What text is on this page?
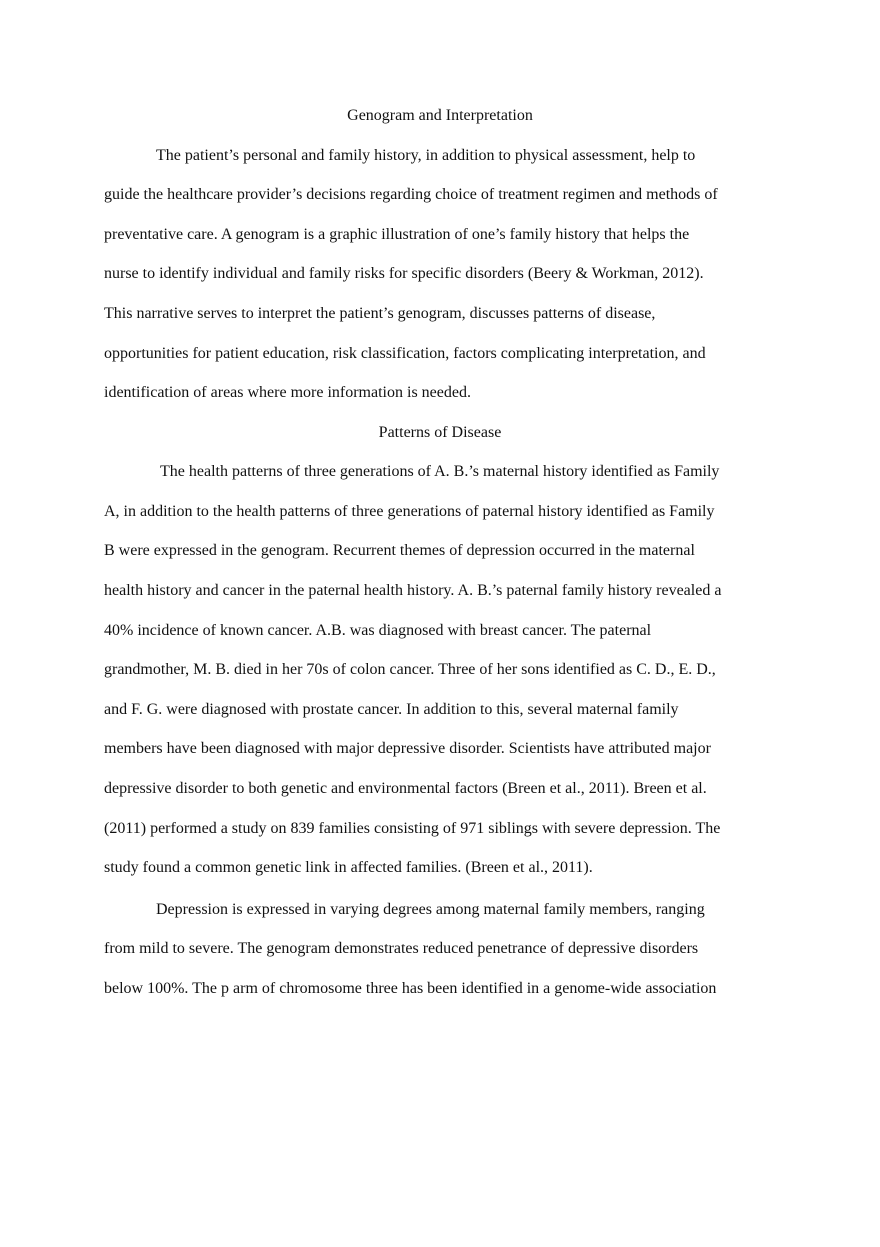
Genogram and Interpretation
The patient’s personal and family history, in addition to physical assessment, help to
guide the healthcare provider’s decisions regarding choice of treatment regimen and methods of
preventative care. A genogram is a graphic illustration of one’s family history that helps the
nurse to identify individual and family risks for specific disorders (Beery & Workman, 2012).
This narrative serves to interpret the patient’s genogram, discusses patterns of disease,
opportunities for patient education, risk classification, factors complicating interpretation, and
identification of areas where more information is needed.
Patterns of Disease
The health patterns of three generations of A. B.’s maternal history identified as Family
A, in addition to the health patterns of three generations of paternal history identified as Family
B were expressed in the genogram. Recurrent themes of depression occurred in the maternal
health history and cancer in the paternal health history. A. B.’s paternal family history revealed a
40% incidence of known cancer. A.B. was diagnosed with breast cancer. The paternal
grandmother, M. B. died in her 70s of colon cancer. Three of her sons identified as C. D., E. D.,
and F. G. were diagnosed with prostate cancer. In addition to this, several maternal family
members have been diagnosed with major depressive disorder. Scientists have attributed major
depressive disorder to both genetic and environmental factors (Breen et al., 2011). Breen et al.
(2011) performed a study on 839 families consisting of 971 siblings with severe depression. The
study found a common genetic link in affected families. (Breen et al., 2011).
Depression is expressed in varying degrees among maternal family members, ranging
from mild to severe. The genogram demonstrates reduced penetrance of depressive disorders
below 100%. The p arm of chromosome three has been identified in a genome-wide association
